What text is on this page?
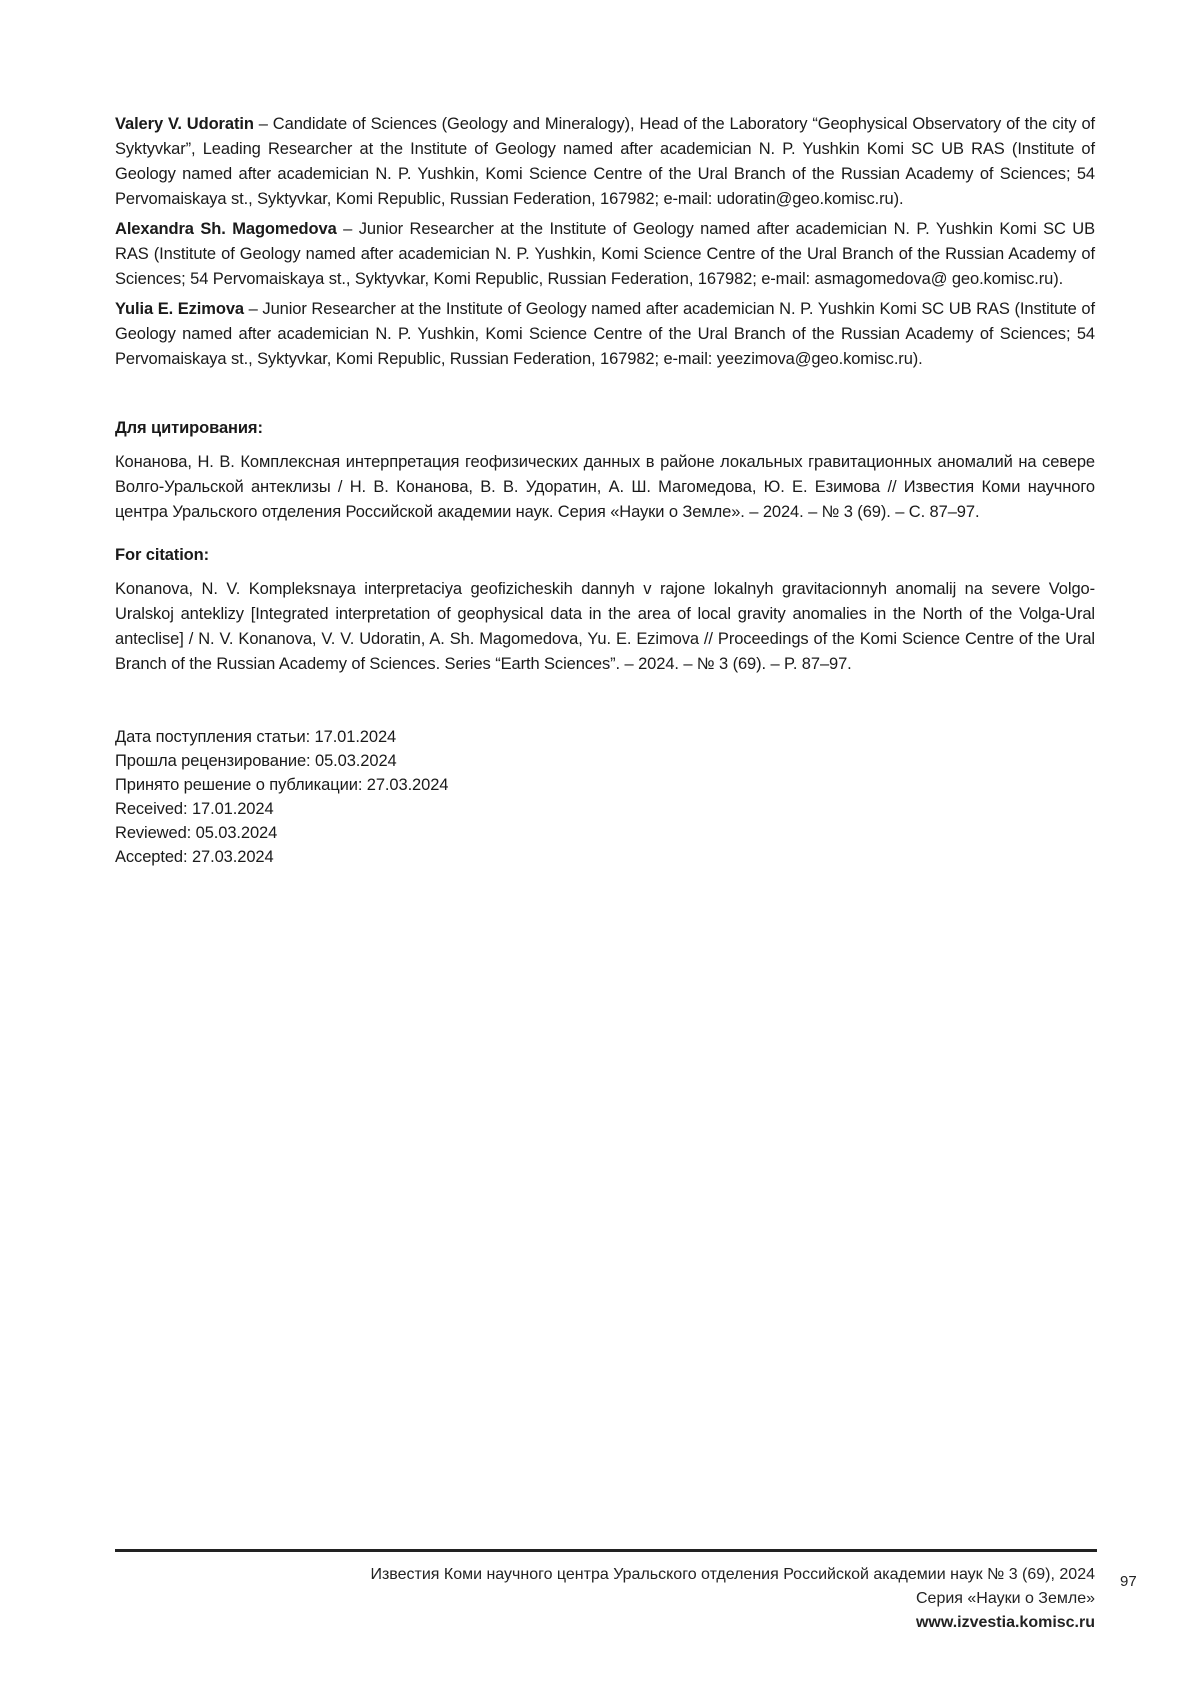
Valery V. Udoratin – Candidate of Sciences (Geology and Mineralogy), Head of the Laboratory “Geophysical Observatory of the city of Syktyvkar”, Leading Researcher at the Institute of Geology named after academician N. P. Yushkin Komi SC UB RAS (Institute of Geology named after academician N. P. Yushkin, Komi Science Centre of the Ural Branch of the Russian Academy of Sciences; 54 Pervomaiskaya st., Syktyvkar, Komi Republic, Russian Federation, 167982; e-mail: udoratin@geo.komisc.ru).
Alexandra Sh. Magomedova – Junior Researcher at the Institute of Geology named after academician N. P. Yushkin Komi SC UB RAS (Institute of Geology named after academician N. P. Yushkin, Komi Science Centre of the Ural Branch of the Russian Academy of Sciences; 54 Pervomaiskaya st., Syktyvkar, Komi Republic, Russian Federation, 167982; e-mail: asmagomedova@ geo.komisc.ru).
Yulia E. Ezimova – Junior Researcher at the Institute of Geology named after academician N. P. Yushkin Komi SC UB RAS (Institute of Geology named after academician N. P. Yushkin, Komi Science Centre of the Ural Branch of the Russian Academy of Sciences; 54 Pervomaiskaya st., Syktyvkar, Komi Republic, Russian Federation, 167982; e-mail: yeezimova@geo.komisc.ru).

Для цитирования:

Конанова, Н. В. Комплексная интерпретация геофизических данных в районе локальных гравитационных аномалий на севере Волго-Уральской антеклизы / Н. В. Конанова, В. В. Удоратин, А. Ш. Магомедова, Ю. Е. Езимова // Известия Коми научного центра Уральского отделения Российской академии наук. Серия «Науки о Земле». – 2024. – № 3 (69). – С. 87–97.

For citation:

Konanova, N. V. Kompleksnaya interpretaciya geofizicheskih dannyh v rajone lokalnyh gravitacionnyh anomalij na severe Volgo-Uralskoj anteklizy [Integrated interpretation of geophysical data in the area of local gravity anomalies in the North of the Volga-Ural anteclise] / N. V. Konanova, V. V. Udoratin, A. Sh. Magomedova, Yu. E. Ezimova // Proceedings of the Komi Science Centre of the Ural Branch of the Russian Academy of Sciences. Series “Earth Sciences”. – 2024. – № 3 (69). – P. 87–97.

Дата поступления статьи: 17.01.2024
Прошла рецензирование: 05.03.2024
Принято решение о публикации: 27.03.2024
Received: 17.01.2024
Reviewed: 05.03.2024
Accepted: 27.03.2024
Известия Коми научного центра Уральского отделения Российской академии наук № 3 (69), 2024
Серия «Науки о Земле»
www.izvestia.komisc.ru
97
